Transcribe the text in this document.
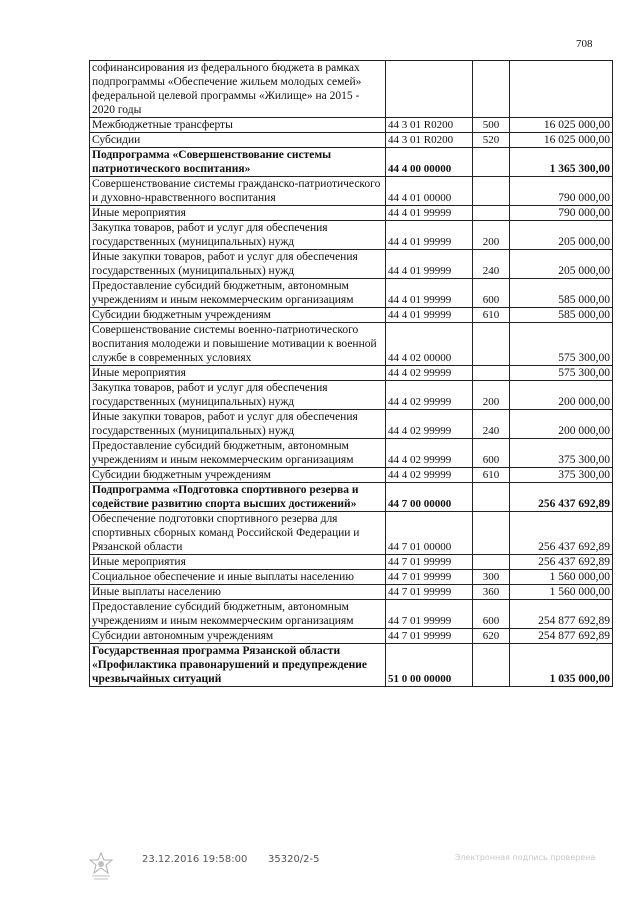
708
софинансирования из федерального бюджета в рамках подпрограммы «Обеспечение жильем молодых семей» федеральной целевой программы «Жилище» на 2015 - 2020 годы			
Межбюджетные трансферты	44 3 01 R0200	500	16 025 000,00
Субсидии	44 3 01 R0200	520	16 025 000,00
Подпрограмма «Совершенствование системы патриотического воспитания»	44 4 00 00000		1 365 300,00
Совершенствование системы гражданско-патриотического и духовно-нравственного воспитания	44 4 01 00000		790 000,00
Иные мероприятия	44 4 01 99999		790 000,00
Закупка товаров, работ и услуг для обеспечения государственных (муниципальных) нужд	44 4 01 99999	200	205 000,00
Иные закупки товаров, работ и услуг для обеспечения государственных (муниципальных) нужд	44 4 01 99999	240	205 000,00
Предоставление субсидий бюджетным, автономным учреждениям и иным некоммерческим организациям	44 4 01 99999	600	585 000,00
Субсидии бюджетным учреждениям	44 4 01 99999	610	585 000,00
Совершенствование системы военно-патриотического воспитания молодежи и повышение мотивации к военной службе в современных условиях	44 4 02 00000		575 300,00
Иные мероприятия	44 4 02 99999		575 300,00
Закупка товаров, работ и услуг для обеспечения государственных (муниципальных) нужд	44 4 02 99999	200	200 000,00
Иные закупки товаров, работ и услуг для обеспечения государственных (муниципальных) нужд	44 4 02 99999	240	200 000,00
Предоставление субсидий бюджетным, автономным учреждениям и иным некоммерческим организациям	44 4 02 99999	600	375 300,00
Субсидии бюджетным учреждениям	44 4 02 99999	610	375 300,00
Подпрограмма «Подготовка спортивного резерва и содействие развитию спорта высших достижений»	44 7 00 00000		256 437 692,89
Обеспечение подготовки спортивного резерва для спортивных сборных команд Российской Федерации и Рязанской области	44 7 01 00000		256 437 692,89
Иные мероприятия	44 7 01 99999		256 437 692,89
Социальное обеспечение и иные выплаты населению	44 7 01 99999	300	1 560 000,00
Иные выплаты населению	44 7 01 99999	360	1 560 000,00
Предоставление субсидий бюджетным, автономным учреждениям и иным некоммерческим организациям	44 7 01 99999	600	254 877 692,89
Субсидии автономным учреждениям	44 7 01 99999	620	254 877 692,89
Государственная программа Рязанской области «Профилактика правонарушений и предупреждение чрезвычайных ситуаций	51 0 00 00000		1 035 000,00
23.12.2016 19:58:00 35320/2-5	Электронная подпись проверена
